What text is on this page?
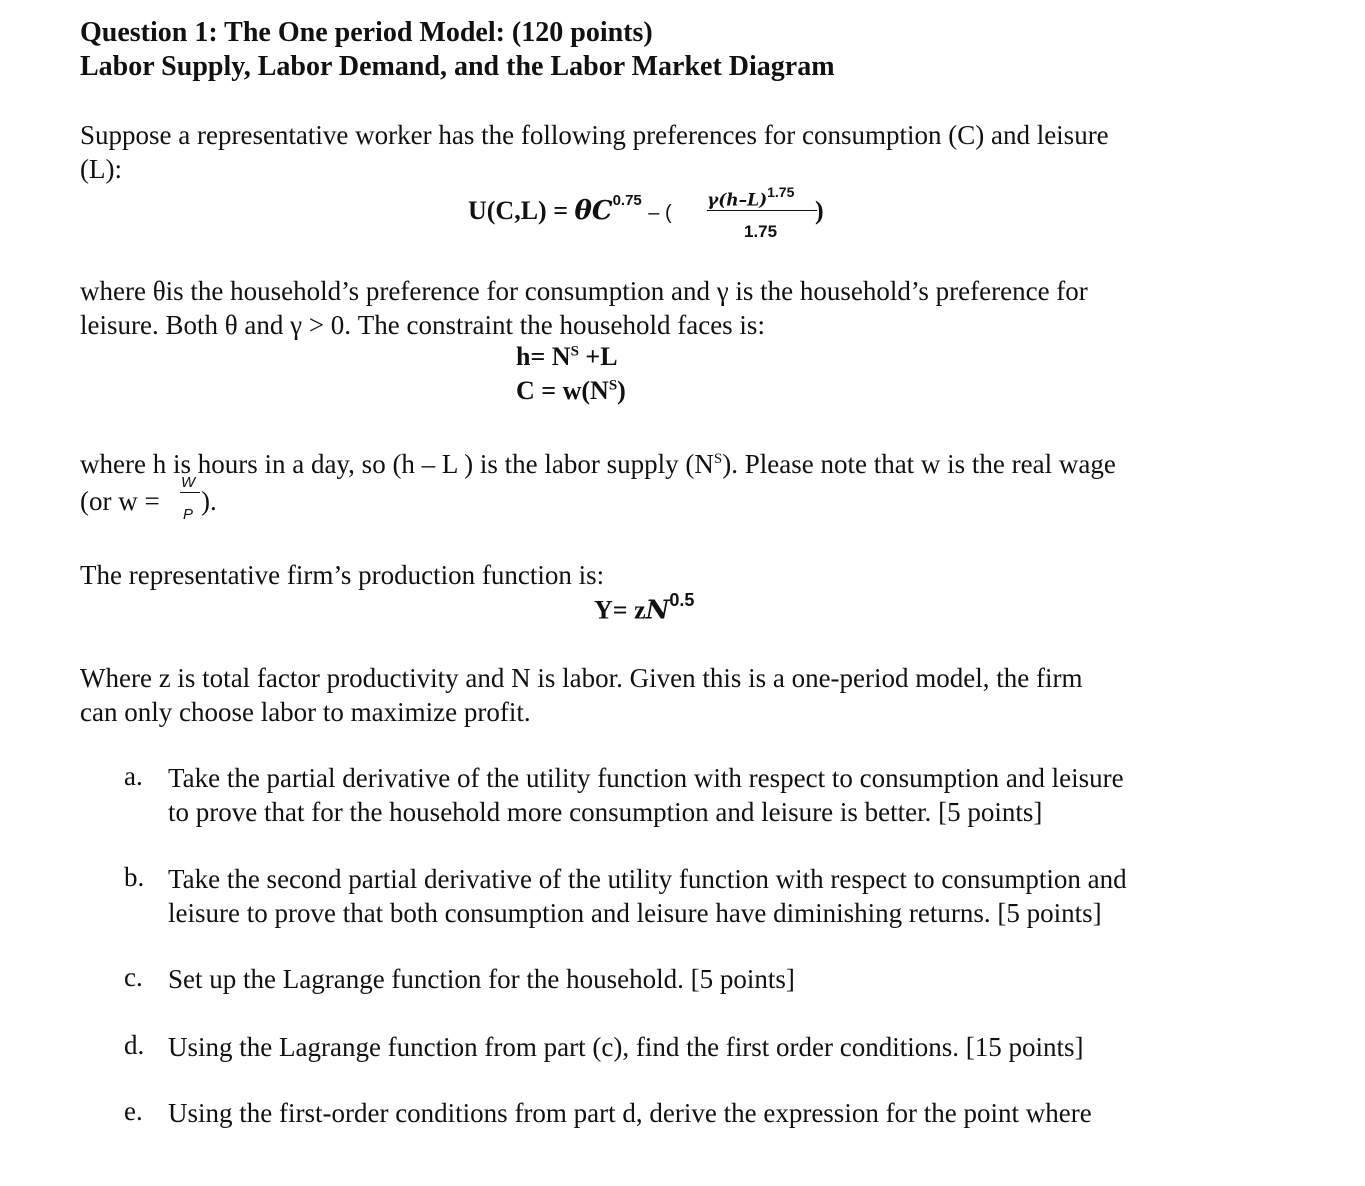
Question 1: The One period Model: (120 points)
Labor Supply, Labor Demand, and the Labor Market Diagram
Suppose a representative worker has the following preferences for consumption (C) and leisure
(L):
$U(C,L) = \theta C^{0.75}$ – (
$\gamma(h-L)^{1.75}$
1.75
)
where θis the household’s preference for consumption and γ is the household’s preference for
leisure. Both θ and γ > 0. The constraint the household faces is:
$h= N^S +L$
$C = w(N^S)$
where h is hours in a day, so (h – L ) is the labor supply $(N^S)$. Please note that w is the real wage
(or w =
W
P ).
The representative firm’s production function is:
$Y= zN^{0.5}$
Where z is total factor productivity and N is labor. Given this is a one-period model, the firm
can only choose labor to maximize profit.
a. Take the partial derivative of the utility function with respect to consumption and leisure
to prove that for the household more consumption and leisure is better. [5 points]
b. Take the second partial derivative of the utility function with respect to consumption and
leisure to prove that both consumption and leisure have diminishing returns. [5 points]
c. Set up the Lagrange function for the household. [5 points]
d. Using the Lagrange function from part (c), find the first order conditions. [15 points]
e. Using the first-order conditions from part d, derive the expression for the point where
